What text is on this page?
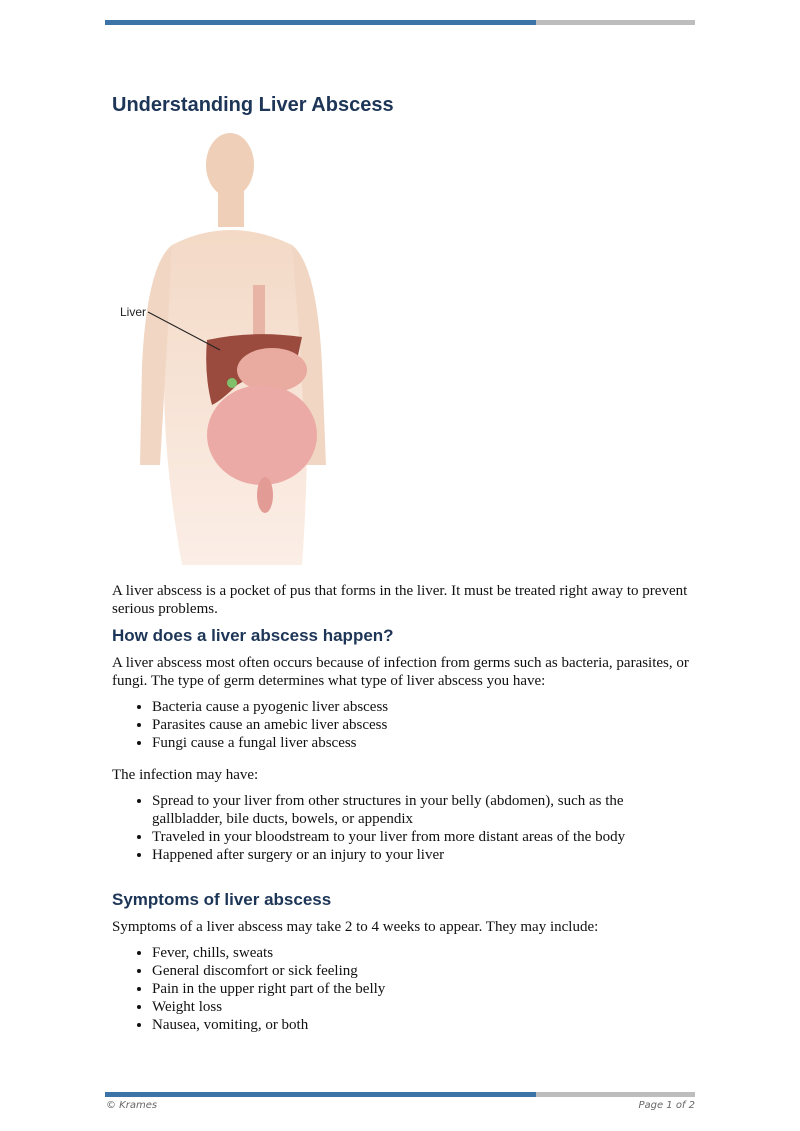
Understanding Liver Abscess
Liver

A liver abscess is a pocket of pus that forms in the liver. It must be treated right away to prevent serious problems.

How does a liver abscess happen?

A liver abscess most often occurs because of infection from germs such as bacteria, parasites, or fungi. The type of germ determines what type of liver abscess you have:

• Bacteria cause a pyogenic liver abscess
• Parasites cause an amebic liver abscess
• Fungi cause a fungal liver abscess

The infection may have:

• Spread to your liver from other structures in your belly (abdomen), such as the gallbladder, bile ducts, bowels, or appendix
• Traveled in your bloodstream to your liver from more distant areas of the body
• Happened after surgery or an injury to your liver
Symptoms of liver abscess

Symptoms of a liver abscess may take 2 to 4 weeks to appear. They may include:

• Fever, chills, sweats
• General discomfort or sick feeling
• Pain in the upper right part of the belly
• Weight loss
• Nausea, vomiting, or both
© Krames	Page 1 of 2
